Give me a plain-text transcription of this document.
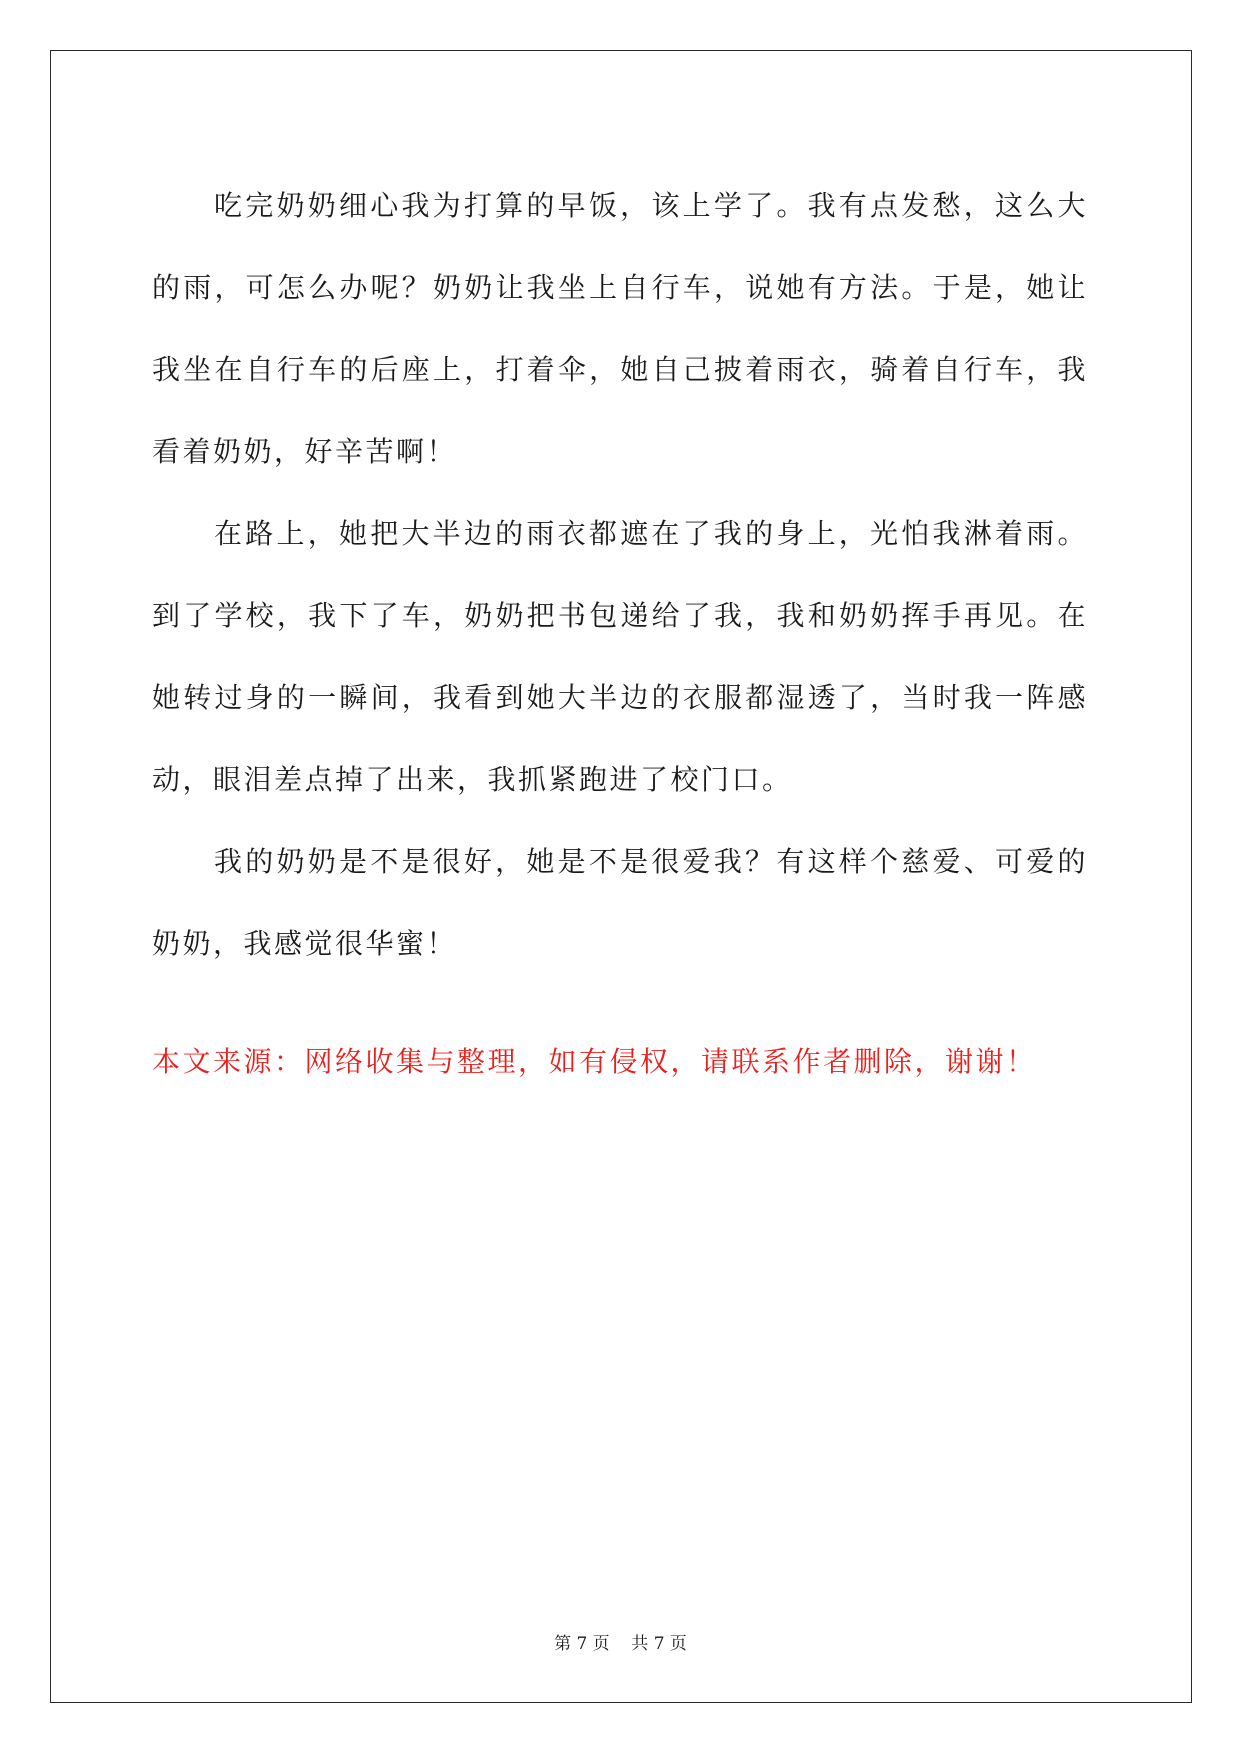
吃完奶奶细心我为打算的早饭，该上学了。我有点发愁，这么大的雨，可怎么办呢？奶奶让我坐上自行车，说她有方法。于是，她让我坐在自行车的后座上，打着伞，她自己披着雨衣，骑着自行车，我看着奶奶，好辛苦啊！

在路上，她把大半边的雨衣都遮在了我的身上，光怕我淋着雨。到了学校，我下了车，奶奶把书包递给了我，我和奶奶挥手再见。在她转过身的一瞬间，我看到她大半边的衣服都湿透了，当时我一阵感动，眼泪差点掉了出来，我抓紧跑进了校门口。

我的奶奶是不是很好，她是不是很爱我？有这样个慈爱、可爱的奶奶，我感觉很华蜜！

本文来源：网络收集与整理，如有侵权，请联系作者删除，谢谢！

第 7 页    共 7 页
